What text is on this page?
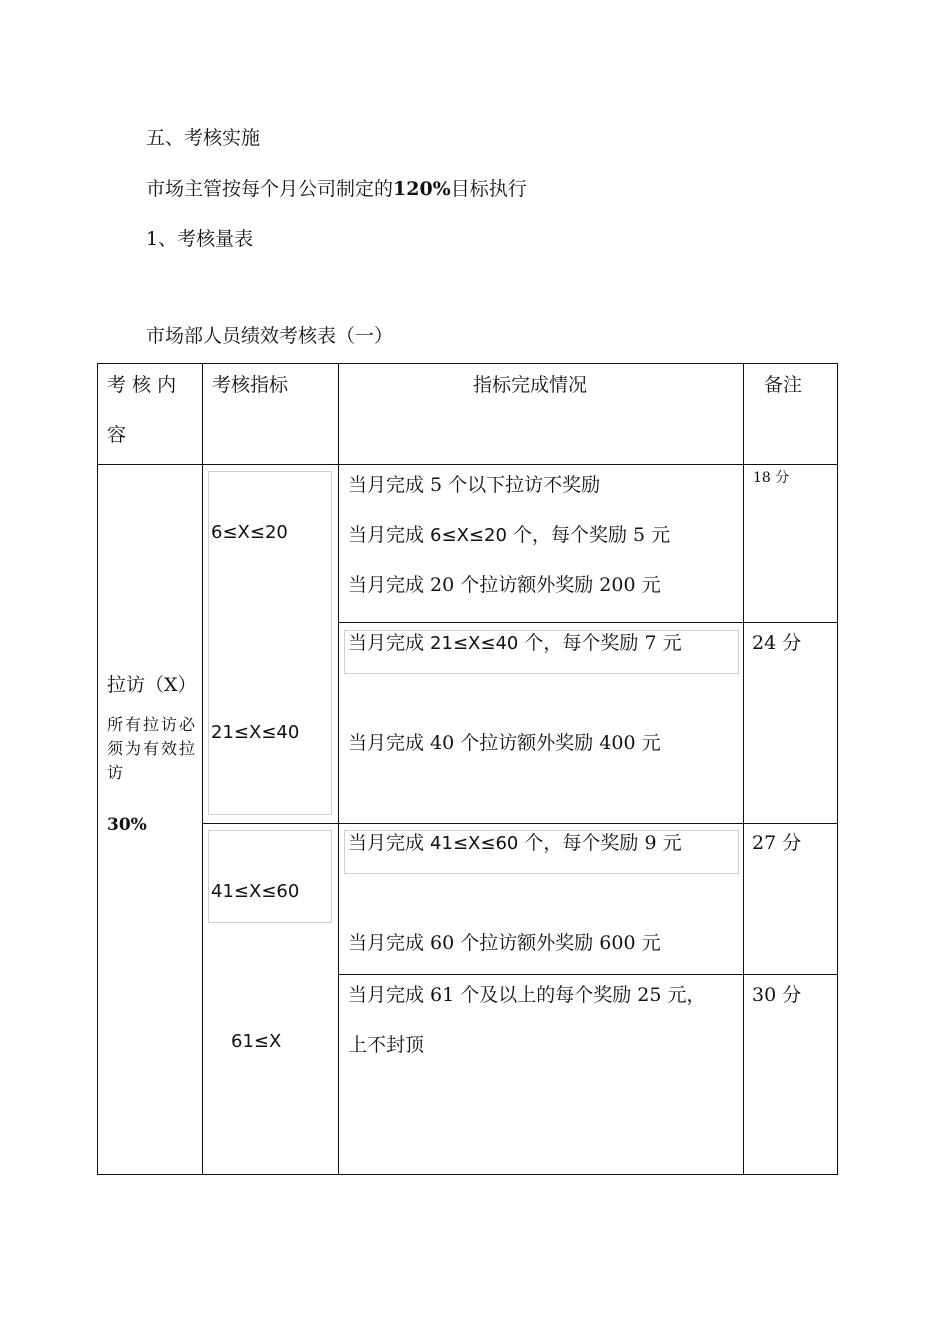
五、考核实施

市场主管按每个月公司制定的120%目标执行

1、考核量表

市场部人员绩效考核表（一）

考 核 内
容
考核指标	指标完成情况	备注
拉访（X）
所有拉访必须为有效拉访
30%
6≤X≤20
21≤X≤40
41≤X≤60
61≤X
当月完成 5 个以下拉访不奖励
当月完成 6≤X≤20 个，每个奖励 5 元
当月完成 20 个拉访额外奖励 200 元
18 分
当月完成 21≤X≤40 个，每个奖励 7 元
当月完成 40 个拉访额外奖励 400 元
24 分
当月完成 41≤X≤60 个，每个奖励 9 元
当月完成 60 个拉访额外奖励 600 元
27 分
当月完成 61 个及以上的每个奖励 25 元，
上不封顶
30 分
